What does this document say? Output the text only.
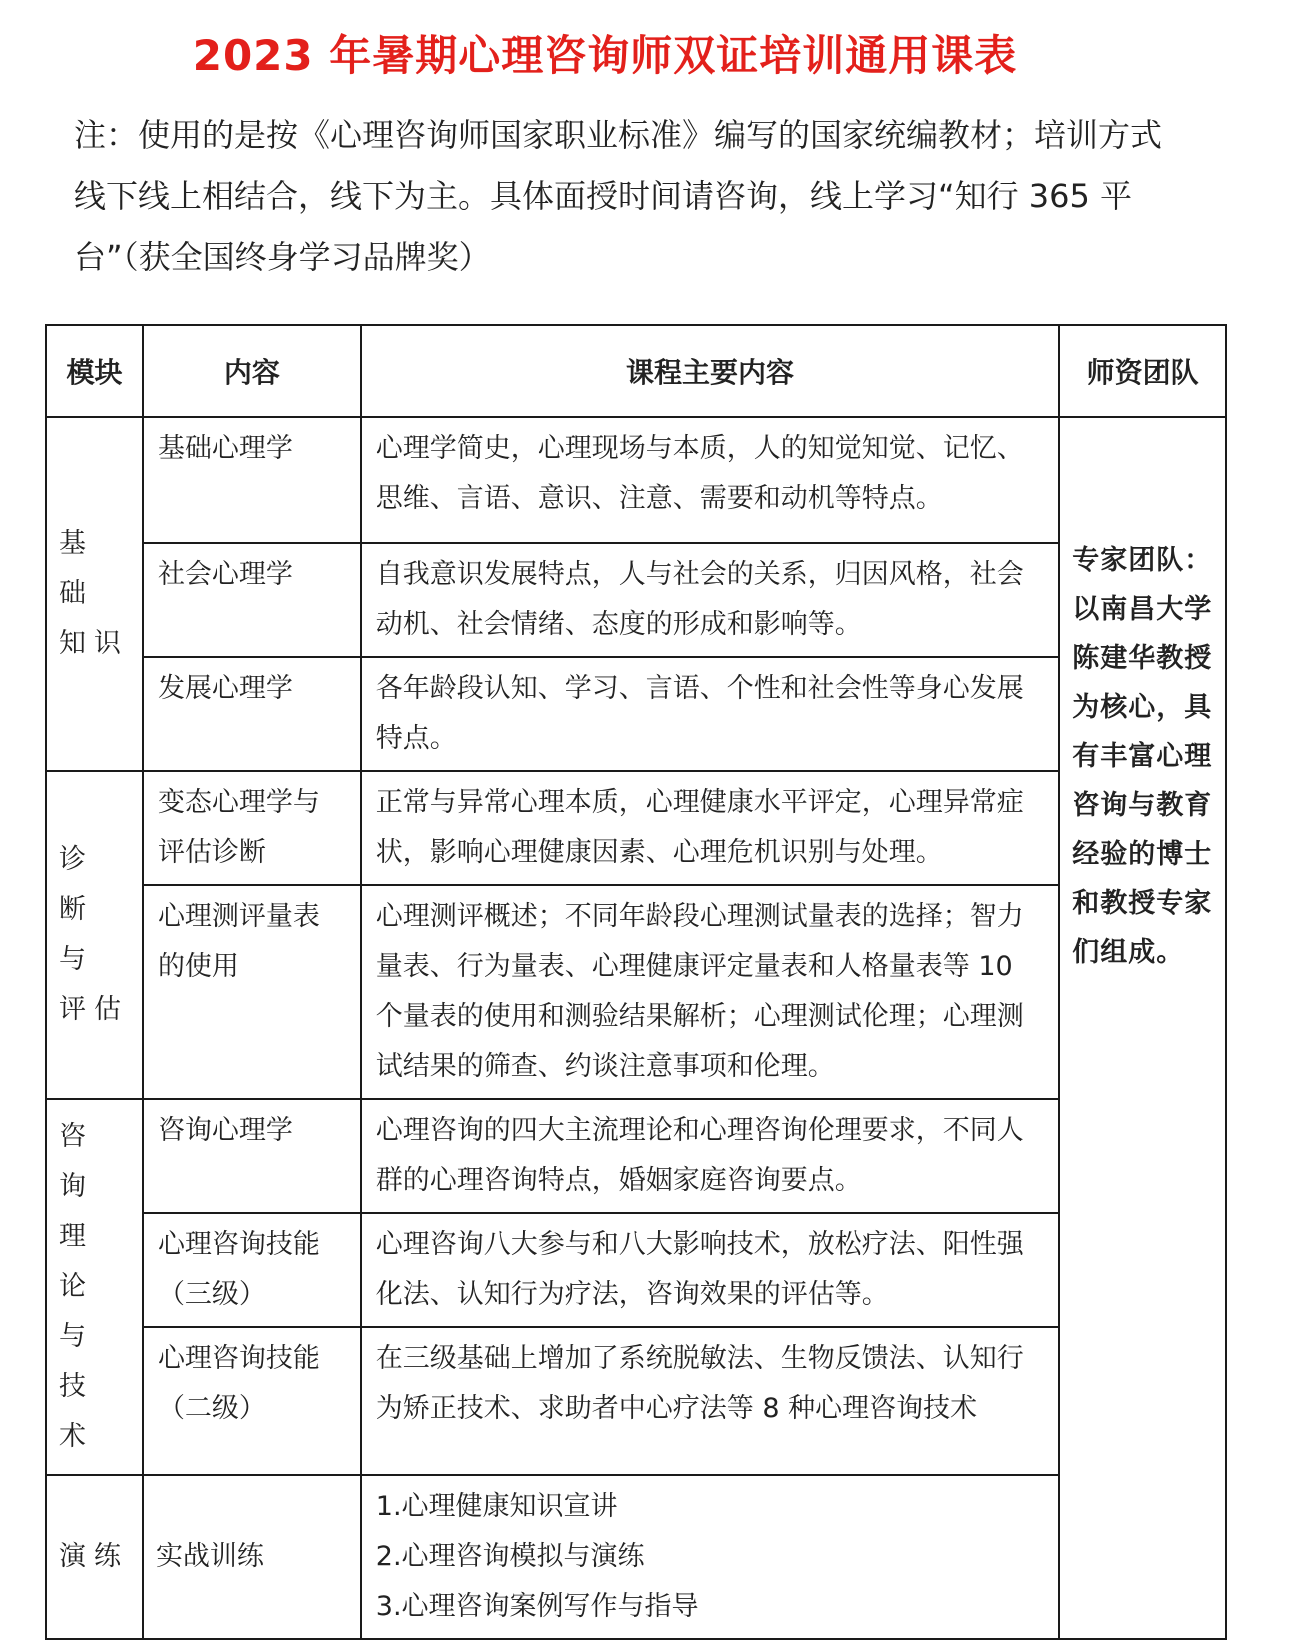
2023 年暑期心理咨询师双证培训通用课表

注：使用的是按《心理咨询师国家职业标准》编写的国家统编教材；培训方式线下线上相结合，线下为主。具体面授时间请咨询，线上学习“知行 365 平台”（获全国终身学习品牌奖）

模块	内容	课程主要内容	师资团队

基 础 知识	基础心理学	心理学简史，心理现场与本质，人的知觉知觉、记忆、思维、言语、意识、注意、需要和动机等特点。	专家团队：以南昌大学陈建华教授为核心，具有丰富心理咨询与教育经验的博士和教授专家们组成。

	社会心理学	自我意识发展特点，人与社会的关系，归因风格，社会动机、社会情绪、态度的形成和影响等。	

	发展心理学	各年龄段认知、学习、言语、个性和社会性等身心发展特点。	

诊 断 与 评估	变态心理学与评估诊断	正常与异常心理本质，心理健康水平评定，心理异常症状，影响心理健康因素、心理危机识别与处理。	

	心理测评量表的使用	心理测评概述；不同年龄段心理测试量表的选择；智力量表、行为量表、心理健康评定量表和人格量表等 10 个量表的使用和测验结果解析；心理测试伦理；心理测试结果的筛查、约谈注意事项和伦理。	

咨 询 理 论 与 技 术	咨询心理学	心理咨询的四大主流理论和心理咨询伦理要求，不同人群的心理咨询特点，婚姻家庭咨询要点。	

	心理咨询技能（三级）	心理咨询八大参与和八大影响技术，放松疗法、阳性强化法、认知行为疗法，咨询效果的评估等。	

	心理咨询技能（二级）	在三级基础上增加了系统脱敏法、生物反馈法、认知行为矫正技术、求助者中心疗法等 8 种心理咨询技术	

演练	实战训练	1.心理健康知识宣讲
2.心理咨询模拟与演练
3.心理咨询案例写作与指导	
